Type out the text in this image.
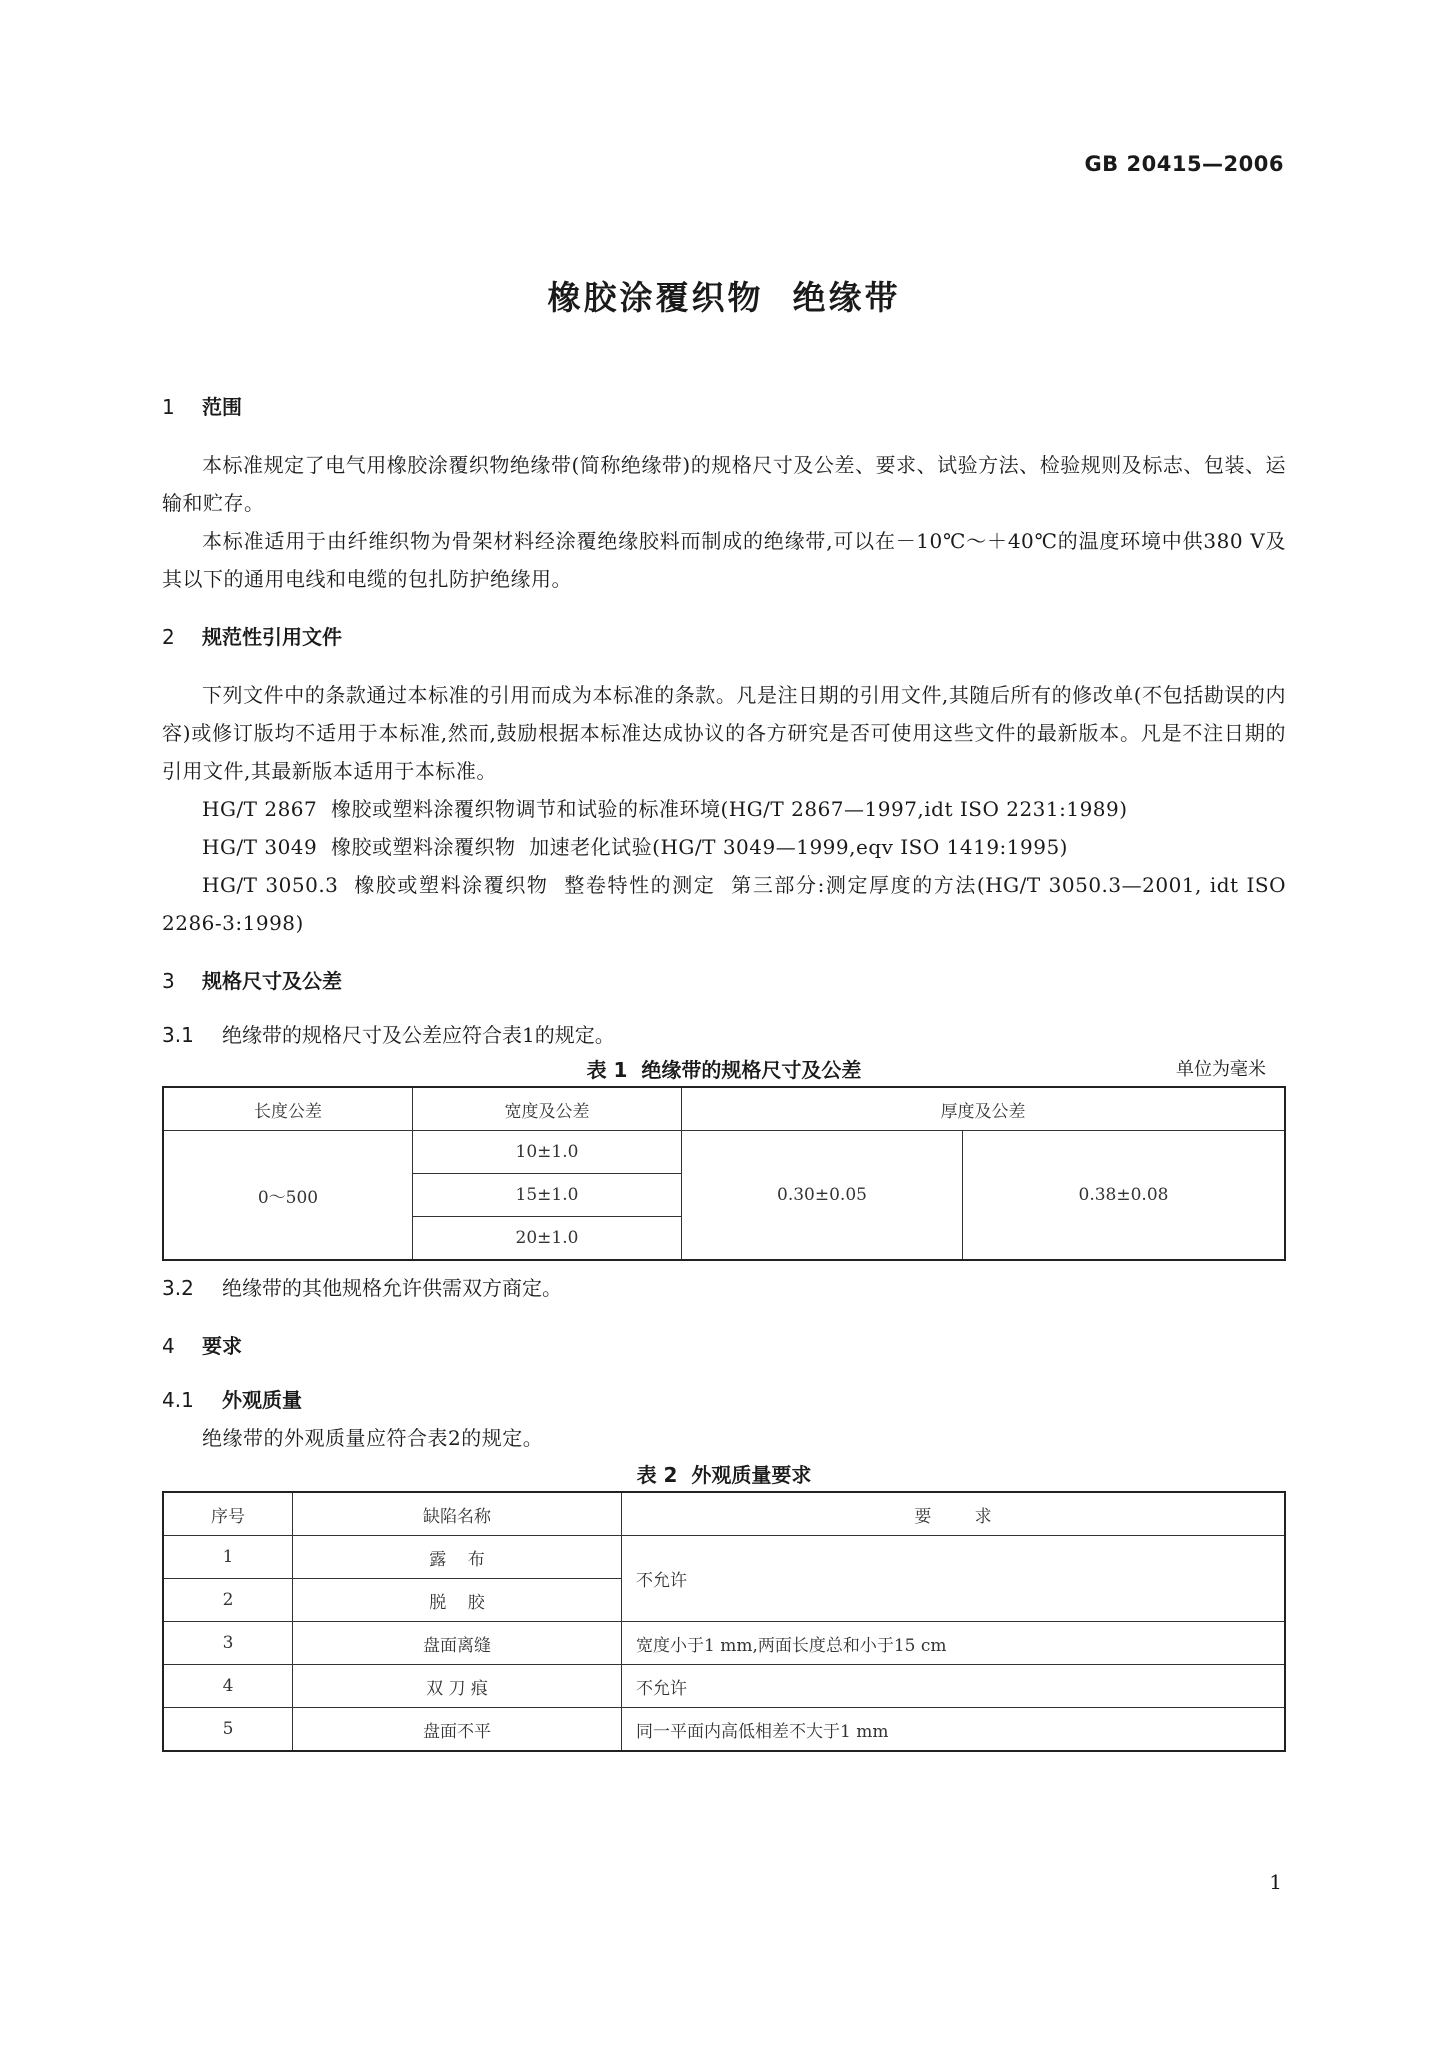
GB 20415—2006
橡胶涂覆织物  绝缘带
1 范围

本标准规定了电气用橡胶涂覆织物绝缘带(简称绝缘带)的规格尺寸及公差、要求、试验方法、检验规则及标志、包装、运输和贮存。

本标准适用于由纤维织物为骨架材料经涂覆绝缘胶料而制成的绝缘带,可以在－10℃～＋40℃的温度环境中供380 V及其以下的通用电线和电缆的包扎防护绝缘用。

2 规范性引用文件

下列文件中的条款通过本标准的引用而成为本标准的条款。凡是注日期的引用文件,其随后所有的修改单(不包括勘误的内容)或修订版均不适用于本标准,然而,鼓励根据本标准达成协议的各方研究是否可使用这些文件的最新版本。凡是不注日期的引用文件,其最新版本适用于本标准。

HG/T 2867  橡胶或塑料涂覆织物调节和试验的标准环境(HG/T 2867—1997,idt ISO 2231:1989)

HG/T 3049  橡胶或塑料涂覆织物  加速老化试验(HG/T 3049—1999,eqv ISO 1419:1995)

HG/T 3050.3  橡胶或塑料涂覆织物  整卷特性的测定  第三部分:测定厚度的方法(HG/T 3050.3—2001, idt ISO 2286-3:1998)

3 规格尺寸及公差
3.1 绝缘带的规格尺寸及公差应符合表1的规定。
表 1  绝缘带的规格尺寸及公差	单位为毫米
长度公差	宽度及公差	厚度及公差	
0～500	10±1.0	0.30±0.05	0.38±0.08
	15±1.0		
	20±1.0		
3.2 绝缘带的其他规格允许供需双方商定。
4 要求
4.1 外观质量

绝缘带的外观质量应符合表2的规定。

表 2  外观质量要求
序号	缺陷名称	要        求
1	露    布	不允许
2	脱    胶	
3	盘面离缝	宽度小于1 mm,两面长度总和小于15 cm
4	双 刀 痕	不允许
5	盘面不平	同一平面内高低相差不大于1 mm
1
